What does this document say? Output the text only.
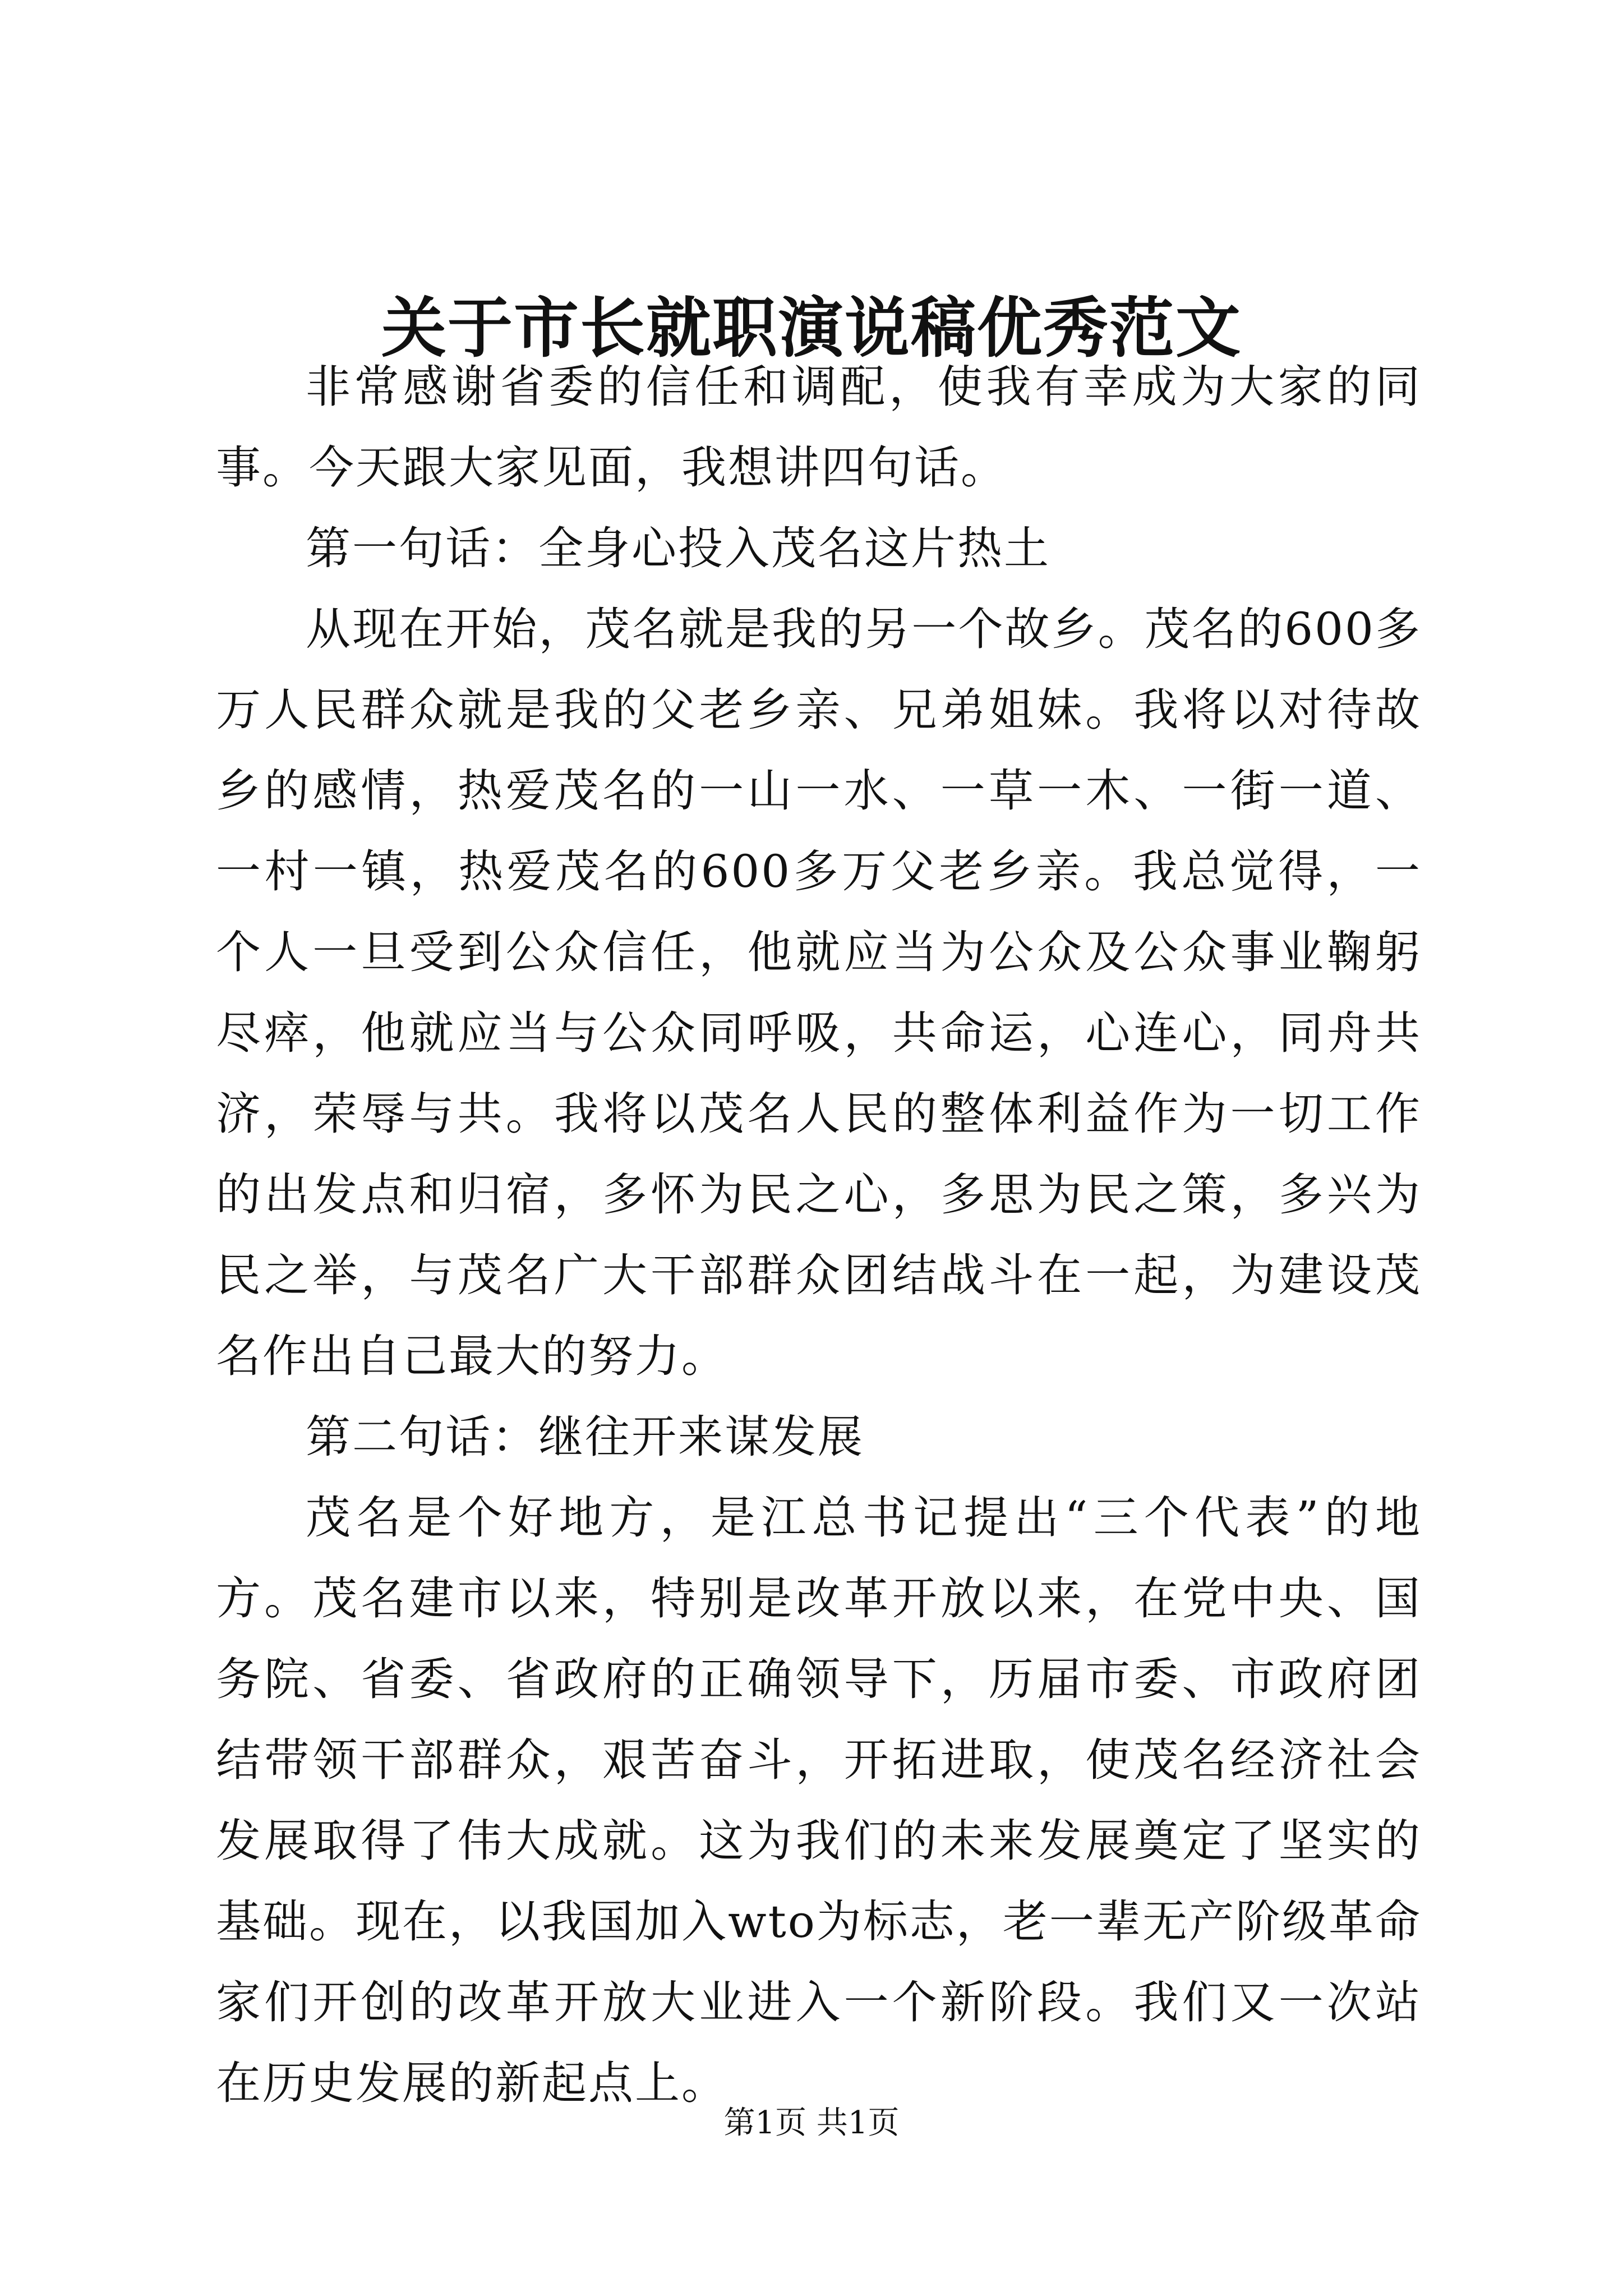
关于市长就职演说稿优秀范文

非常感谢省委的信任和调配，使我有幸成为大家的同事。今天跟大家见面，我想讲四句话。

第一句话：全身心投入茂名这片热土

从现在开始，茂名就是我的另一个故乡。茂名的600多万人民群众就是我的父老乡亲、兄弟姐妹。我将以对待故乡的感情，热爱茂名的一山一水、一草一木、一街一道、一村一镇，热爱茂名的600多万父老乡亲。我总觉得，一个人一旦受到公众信任，他就应当为公众及公众事业鞠躬尽瘁，他就应当与公众同呼吸，共命运，心连心，同舟共济，荣辱与共。我将以茂名人民的整体利益作为一切工作的出发点和归宿，多怀为民之心，多思为民之策，多兴为民之举，与茂名广大干部群众团结战斗在一起，为建设茂名作出自己最大的努力。

第二句话：继往开来谋发展

茂名是个好地方，是江总书记提出“三个代表”的地方。茂名建市以来，特别是改革开放以来，在党中央、国务院、省委、省政府的正确领导下，历届市委、市政府团结带领干部群众，艰苦奋斗，开拓进取，使茂名经济社会发展取得了伟大成就。这为我们的未来发展奠定了坚实的基础。现在，以我国加入wto为标志，老一辈无产阶级革命家们开创的改革开放大业进入一个新阶段。我们又一次站在历史发展的新起点上。

第1页 共1页
